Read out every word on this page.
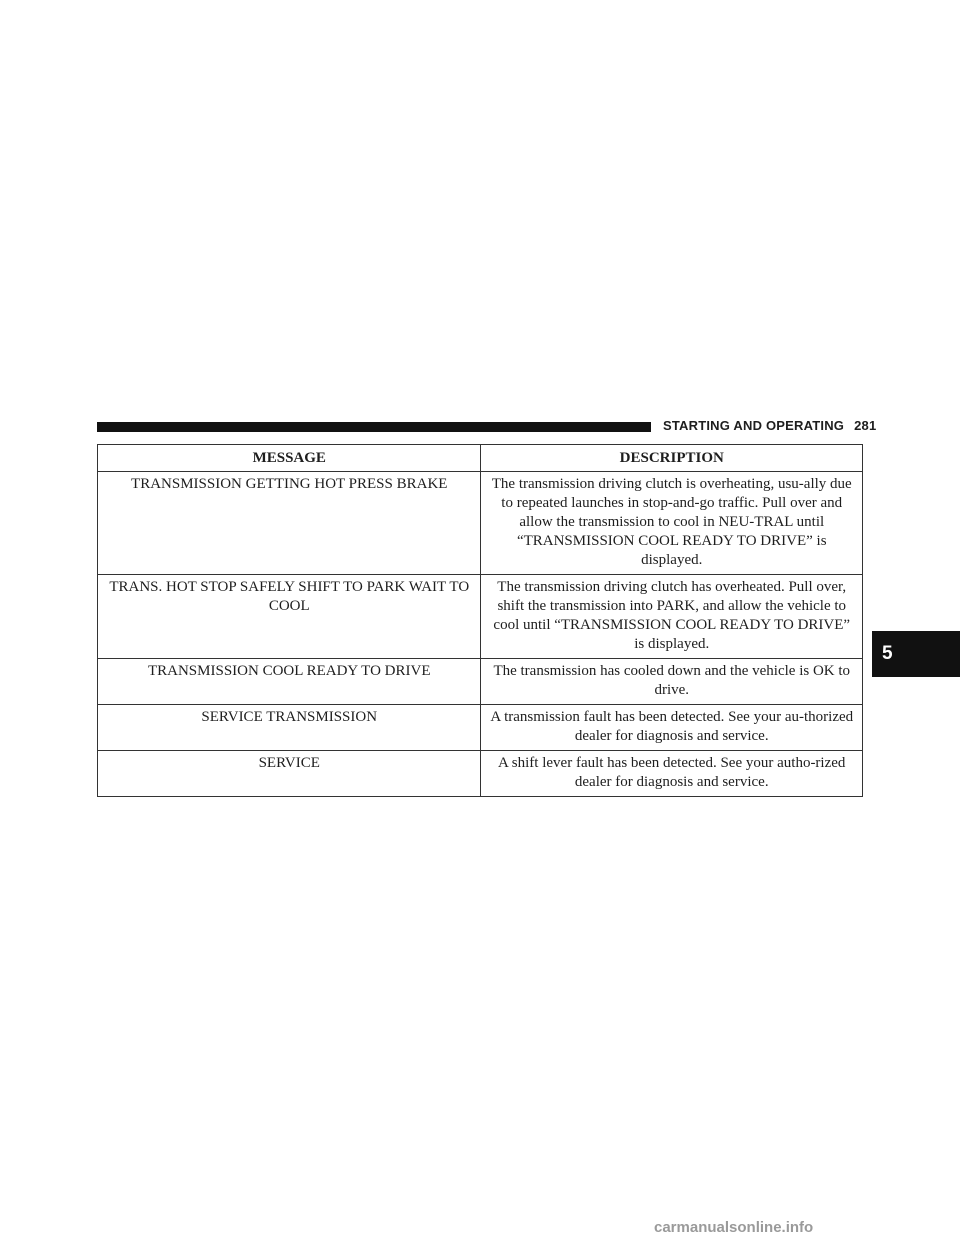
STARTING AND OPERATING 281
5
MESSAGE	DESCRIPTION
TRANSMISSION GETTING HOT PRESS BRAKE	The transmission driving clutch is overheating, usu-ally due to repeated launches in stop-and-go traffic. Pull over and allow the transmission to cool in NEU-TRAL until “TRANSMISSION COOL READY TO DRIVE” is displayed.
TRANS. HOT STOP SAFELY SHIFT TO PARK WAIT TO COOL	The transmission driving clutch has overheated. Pull over, shift the transmission into PARK, and allow the vehicle to cool until “TRANSMISSION COOL READY TO DRIVE” is displayed.
TRANSMISSION COOL READY TO DRIVE	The transmission has cooled down and the vehicle is OK to drive.
SERVICE TRANSMISSION	A transmission fault has been detected. See your au-thorized dealer for diagnosis and service.
SERVICE	A shift lever fault has been detected. See your autho-rized dealer for diagnosis and service.
carmanualsonline.info
